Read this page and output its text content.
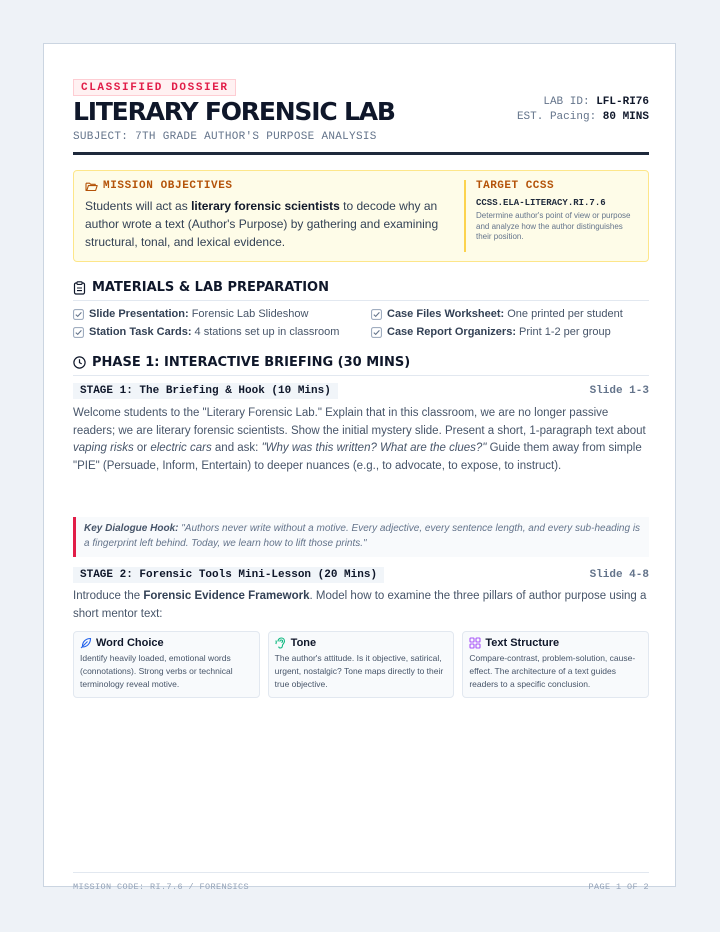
CLASSIFIED DOSSIER
LITERARY FORENSIC LAB
SUBJECT: 7TH GRADE AUTHOR'S PURPOSE ANALYSIS
LAB ID: LFL-RI76
EST. Pacing: 80 MINS
MISSION OBJECTIVES
Students will act as literary forensic scientists to decode why an author wrote a text (Author's Purpose) by gathering and examining structural, tonal, and lexical evidence.
TARGET CCSS
CCSS.ELA-LITERACY.RI.7.6
Determine author's point of view or purpose and analyze how the author distinguishes their position.
MATERIALS & LAB PREPARATION
Slide Presentation: Forensic Lab Slideshow	Case Files Worksheet: One printed per student
Station Task Cards: 4 stations set up in classroom	Case Report Organizers: Print 1-2 per group
PHASE 1: INTERACTIVE BRIEFING (30 MINS)
STAGE 1: The Briefing & Hook (10 Mins)	Slide 1-3
Welcome students to the "Literary Forensic Lab." Explain that in this classroom, we are no longer passive readers; we are literary forensic scientists. Show the initial mystery slide. Present a short, 1-paragraph text about vaping risks or electric cars and ask: "Why was this written? What are the clues?" Guide them away from simple "PIE" (Persuade, Inform, Entertain) to deeper nuances (e.g., to advocate, to expose, to instruct).
Key Dialogue Hook: "Authors never write without a motive. Every adjective, every sentence length, and every sub-heading is a fingerprint left behind. Today, we learn how to lift those prints."
STAGE 2: Forensic Tools Mini-Lesson (20 Mins)	Slide 4-8
Introduce the Forensic Evidence Framework. Model how to examine the three pillars of author purpose using a short mentor text:
Word Choice
Identify heavily loaded, emotional words (connotations). Strong verbs or technical terminology reveal motive.
Tone
The author's attitude. Is it objective, satirical, urgent, nostalgic? Tone maps directly to their true objective.
Text Structure
Compare-contrast, problem-solution, cause-effect. The architecture of a text guides readers to a specific conclusion.
MISSION CODE: RI.7.6 / FORENSICS	PAGE 1 OF 2
